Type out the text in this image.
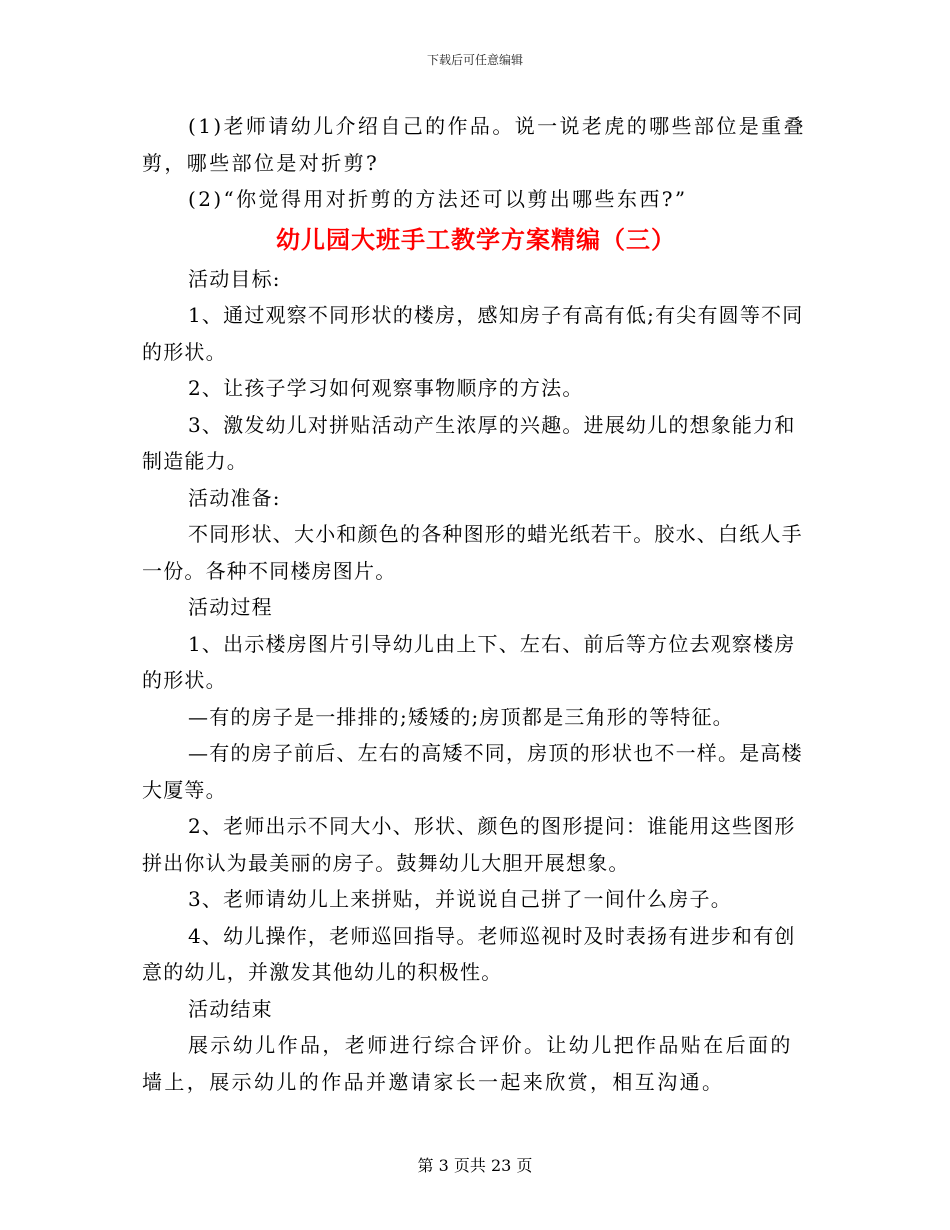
下载后可任意编辑

(1)老师请幼儿介绍自己的作品。说一说老虎的哪些部位是重叠剪，哪些部位是对折剪?

(2)“你觉得用对折剪的方法还可以剪出哪些东西?”

幼儿园大班手工教学方案精编（三）

活动目标:

1、通过观察不同形状的楼房，感知房子有高有低;有尖有圆等不同的形状。

2、让孩子学习如何观察事物顺序的方法。

3、激发幼儿对拼贴活动产生浓厚的兴趣。进展幼儿的想象能力和制造能力。

活动准备:

不同形状、大小和颜色的各种图形的蜡光纸若干。胶水、白纸人手一份。各种不同楼房图片。

活动过程

1、出示楼房图片引导幼儿由上下、左右、前后等方位去观察楼房的形状。

—有的房子是一排排的;矮矮的;房顶都是三角形的等特征。

—有的房子前后、左右的高矮不同，房顶的形状也不一样。是高楼大厦等。

2、老师出示不同大小、形状、颜色的图形提问：谁能用这些图形拼出你认为最美丽的房子。鼓舞幼儿大胆开展想象。

3、老师请幼儿上来拼贴，并说说自己拼了一间什么房子。

4、幼儿操作，老师巡回指导。老师巡视时及时表扬有进步和有创意的幼儿，并激发其他幼儿的积极性。

活动结束

展示幼儿作品，老师进行综合评价。让幼儿把作品贴在后面的墙上，展示幼儿的作品并邀请家长一起来欣赏，相互沟通。

第 3 页共 23 页
